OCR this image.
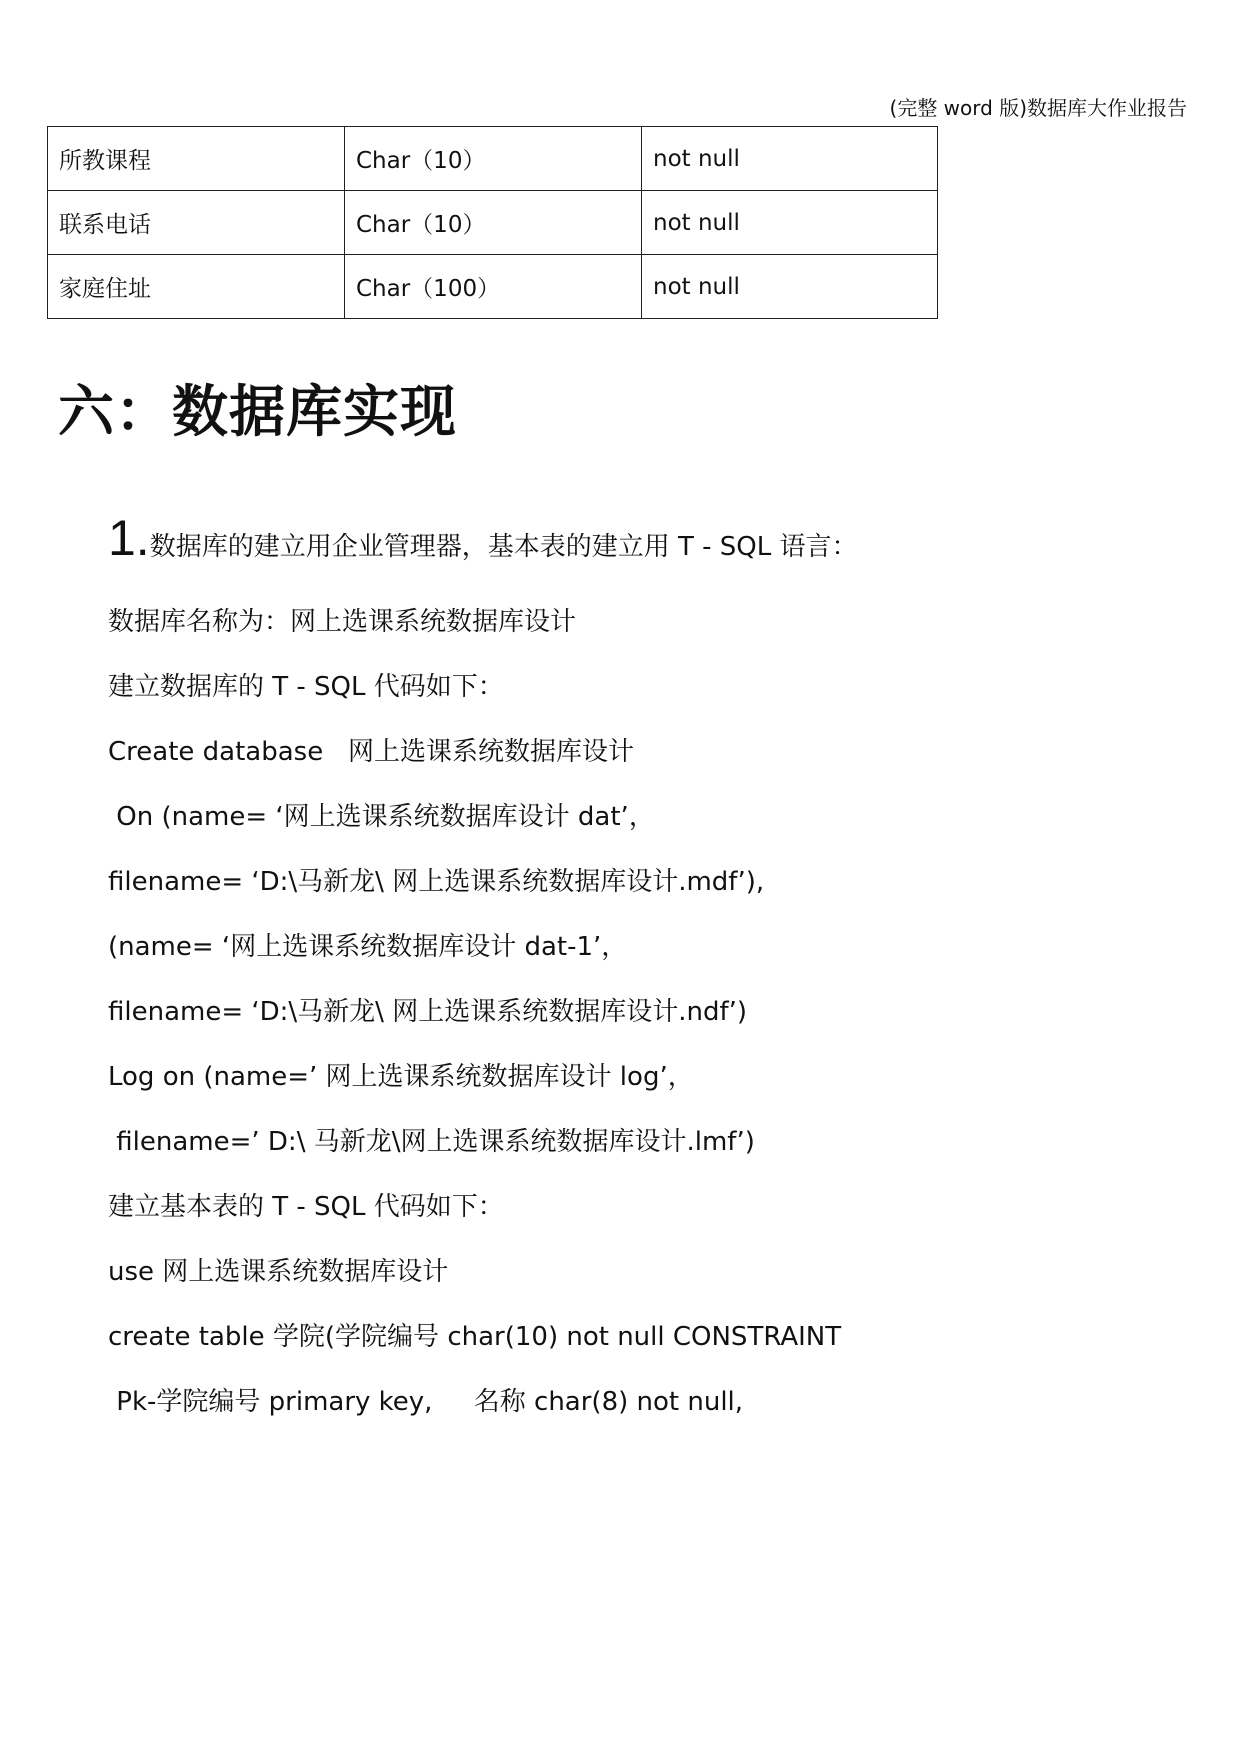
(完整 word 版)数据库大作业报告
所教课程	Char（10）	not null
联系电话	Char（10）	not null
家庭住址	Char（100）	not null
六：数据库实现

1.数据库的建立用企业管理器，基本表的建立用 T - SQL 语言：

数据库名称为：网上选课系统数据库设计
建立数据库的 T - SQL 代码如下：
Create database   网上选课系统数据库设计
On (name= ‘网上选课系统数据库设计 dat’，
filename= ‘D:\马新龙\ 网上选课系统数据库设计.mdf’),
(name= ‘网上选课系统数据库设计 dat-1’，
filename= ‘D:\马新龙\ 网上选课系统数据库设计.ndf’)
Log on (name=’ 网上选课系统数据库设计 log’，
filename=’ D:\ 马新龙\网上选课系统数据库设计.lmf’)
建立基本表的 T - SQL 代码如下：
use 网上选课系统数据库设计
create table 学院(学院编号 char(10) not null CONSTRAINT
Pk-学院编号 primary key,     名称 char(8) not null,
